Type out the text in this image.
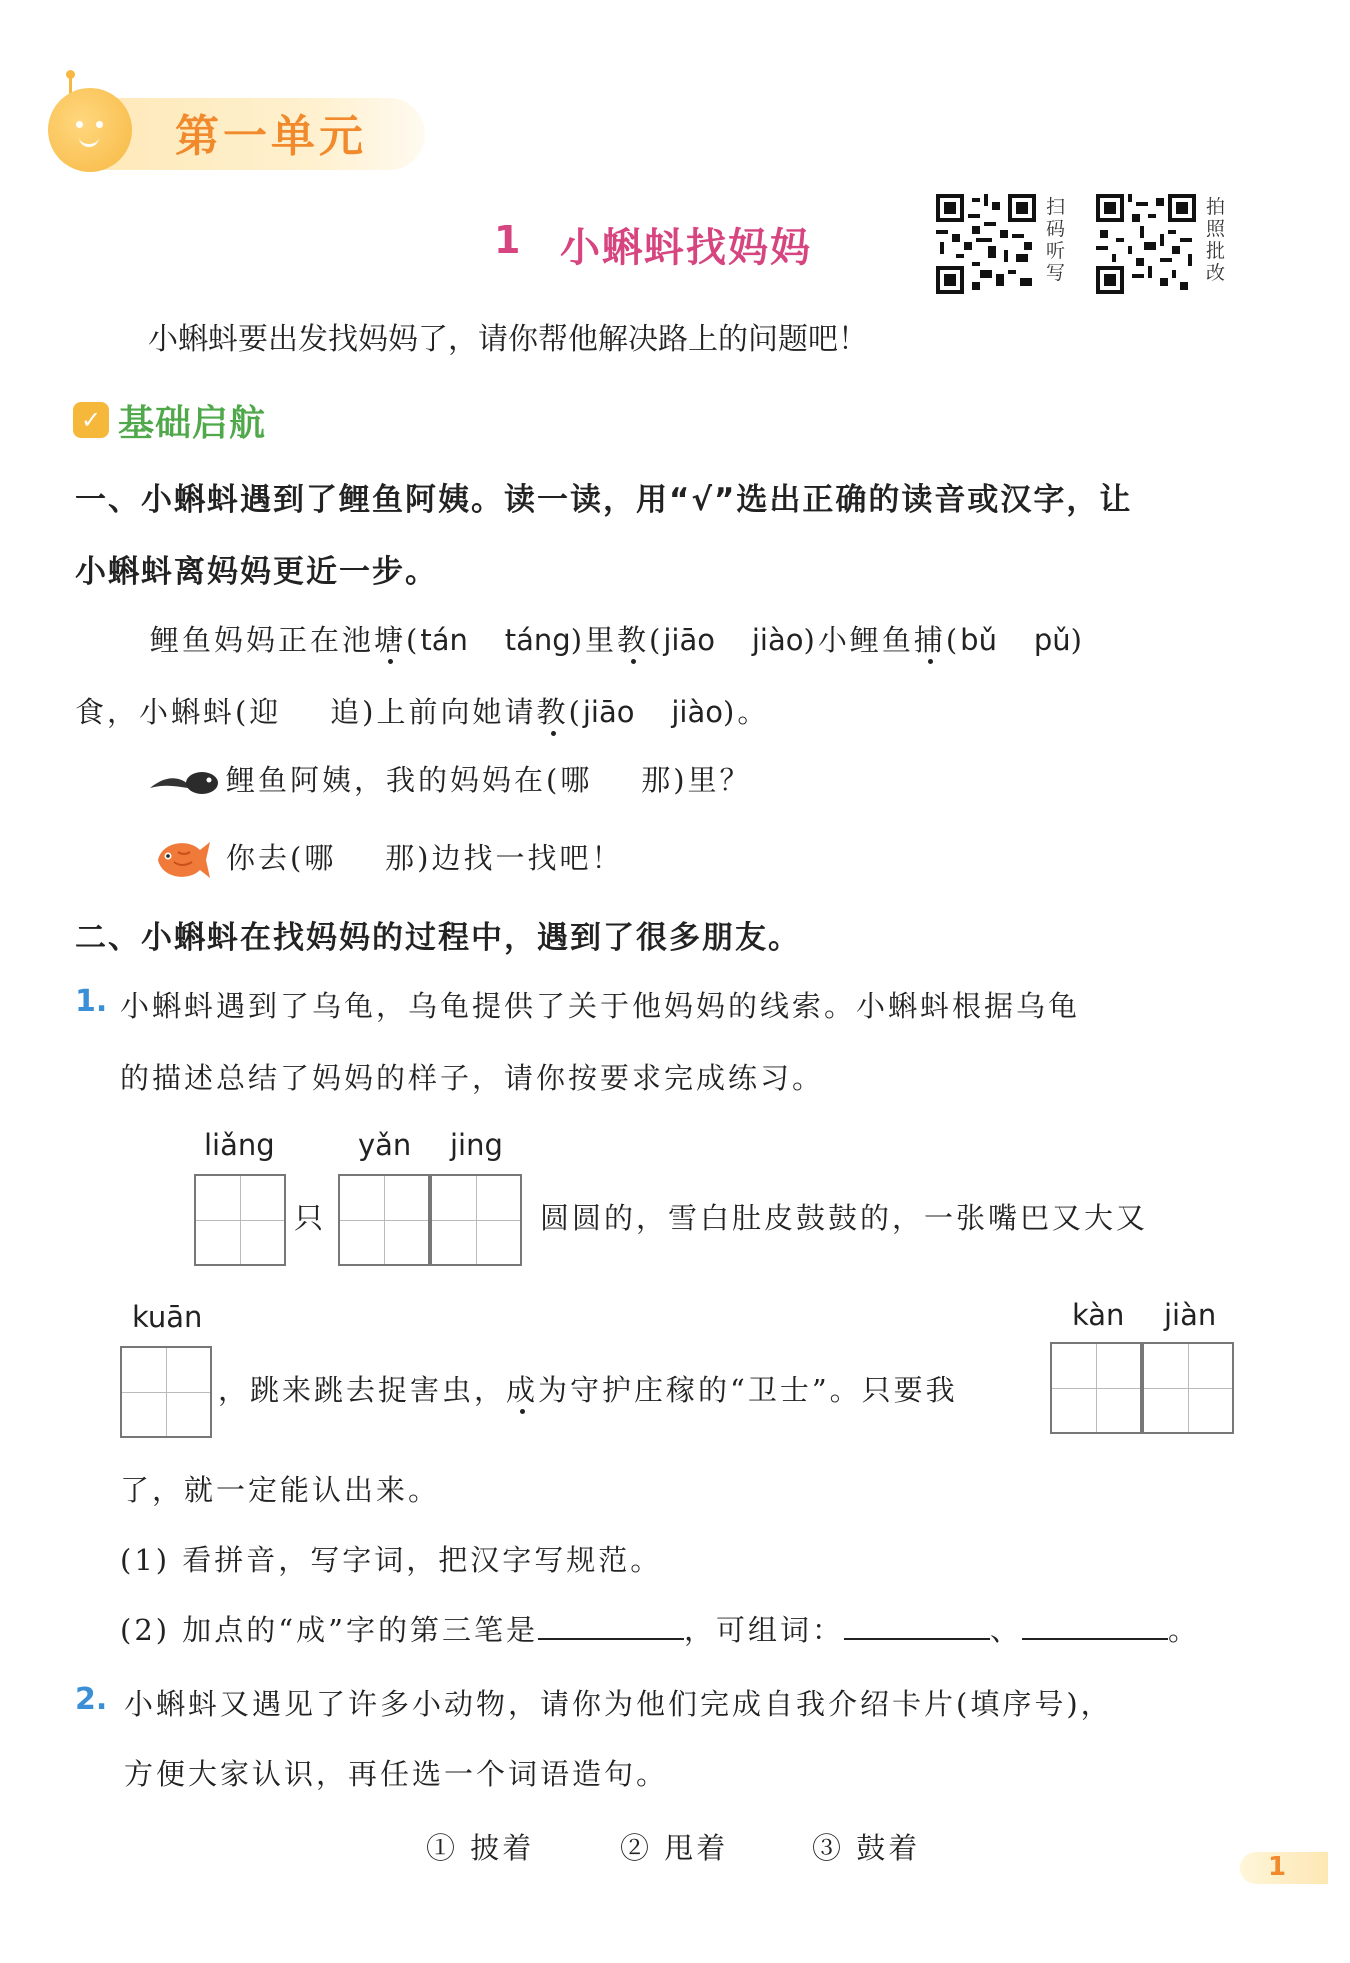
第一单元
1 小蝌蚪找妈妈
扫码听写
拍照批改
小蝌蚪要出发找妈妈了，请你帮他解决路上的问题吧！
✓ 基础启航
一、小蝌蚪遇到了鲤鱼阿姨。读一读，用“√”选出正确的读音或汉字，让
小蝌蚪离妈妈更近一步。
鲤鱼妈妈正在池塘(tán    táng)里教(jiāo    jiào)小鲤鱼捕(bǔ    pǔ)
食，小蝌蚪(迎    追)上前向她请教(jiāo    jiào)。
鲤鱼阿姨，我的妈妈在(哪    那)里？
你去(哪    那)边找一找吧！
二、小蝌蚪在找妈妈的过程中，遇到了很多朋友。
1. 小蝌蚪遇到了乌龟，乌龟提供了关于他妈妈的线索。小蝌蚪根据乌龟
的描述总结了妈妈的样子，请你按要求完成练习。
liǎng	yǎn jing
只	圆圆的，雪白肚皮鼓鼓的，一张嘴巴又大又
kuān	kàn jiàn
，跳来跳去捉害虫，成为守护庄稼的“卫士”。只要我
了，就一定能认出来。
(1) 看拼音，写字词，把汉字写规范。
(2) 加点的“成”字的第三笔是	，可组词：	、	。
2. 小蝌蚪又遇见了许多小动物，请你为他们完成自我介绍卡片(填序号)，
方便大家认识，再任选一个词语造句。
① 披着	② 甩着	③ 鼓着
1
